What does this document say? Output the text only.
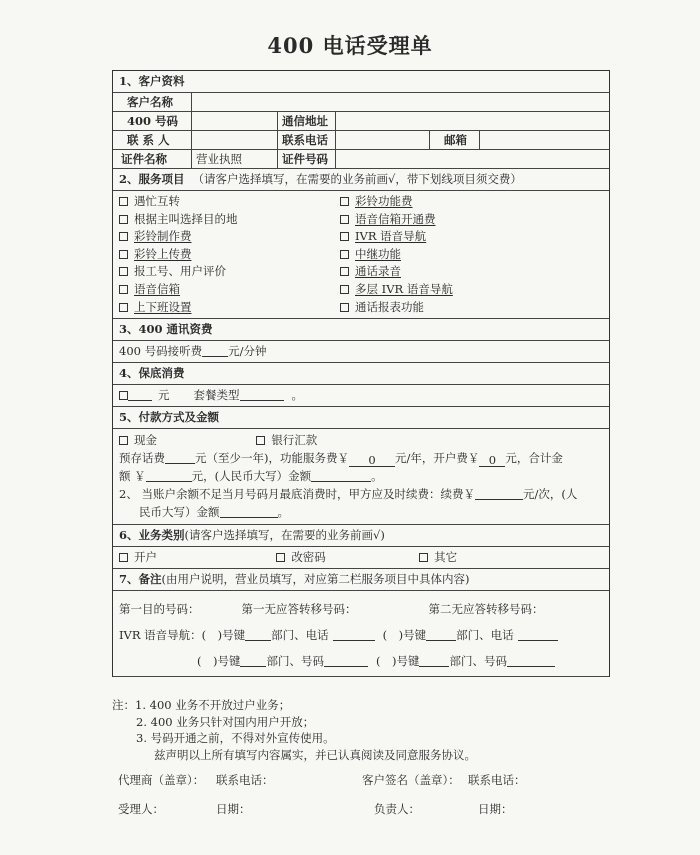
400 电话受理单
1、客户资料
客户名称
400 号码	通信地址
联 系 人	联系电话	邮箱
证件名称	营业执照	证件号码
2、服务项目 （请客户选择填写，在需要的业务前画√，带下划线项目须交费）
遇忙互转	彩铃功能费
根据主叫选择目的地	语音信箱开通费
彩铃制作费	IVR 语音导航
彩铃上传费	中继功能
报工号、用户评价	通话录音
语音信箱	多层 IVR 语音导航
上下班设置	通话报表功能
3、400 通讯资费
400 号码接听费 元/分钟
4、保底消费
元 套餐类型	。
5、付款方式及金额
现金	银行汇款
预存话费	元（至少一年)，功能服务费￥ 0 元/年，开户费￥ 0 元，合计金
额 ￥	元，(人民币大写）金额	。
2、 当账户余额不足当月号码月最底消费时，甲方应及时续费：续费￥	元/次，(人
民币大写）金额	。
6、业务类别(请客户选择填写，在需要的业务前画√)
开户	改密码	其它
7、备注(由用户说明，营业员填写，对应第二栏服务项目中具体内容)
第一目的号码：	第一无应答转移号码：	第二无应答转移号码：
IVR 语音导航：(　)号键 部门、电话	(　)号键	部门、电话
(　)号键 部门、号码	(　)号键	部门、号码
注：1. 400 业务不开放过户业务；
2. 400 业务只针对国内用户开放；
3. 号码开通之前，不得对外宣传使用。
兹声明以上所有填写内容属实，并已认真阅读及同意服务协议。
代理商（盖章）： 联系电话：	客户签名（盖章）： 联系电话：
受理人：	日期：	负责人：	日期：
